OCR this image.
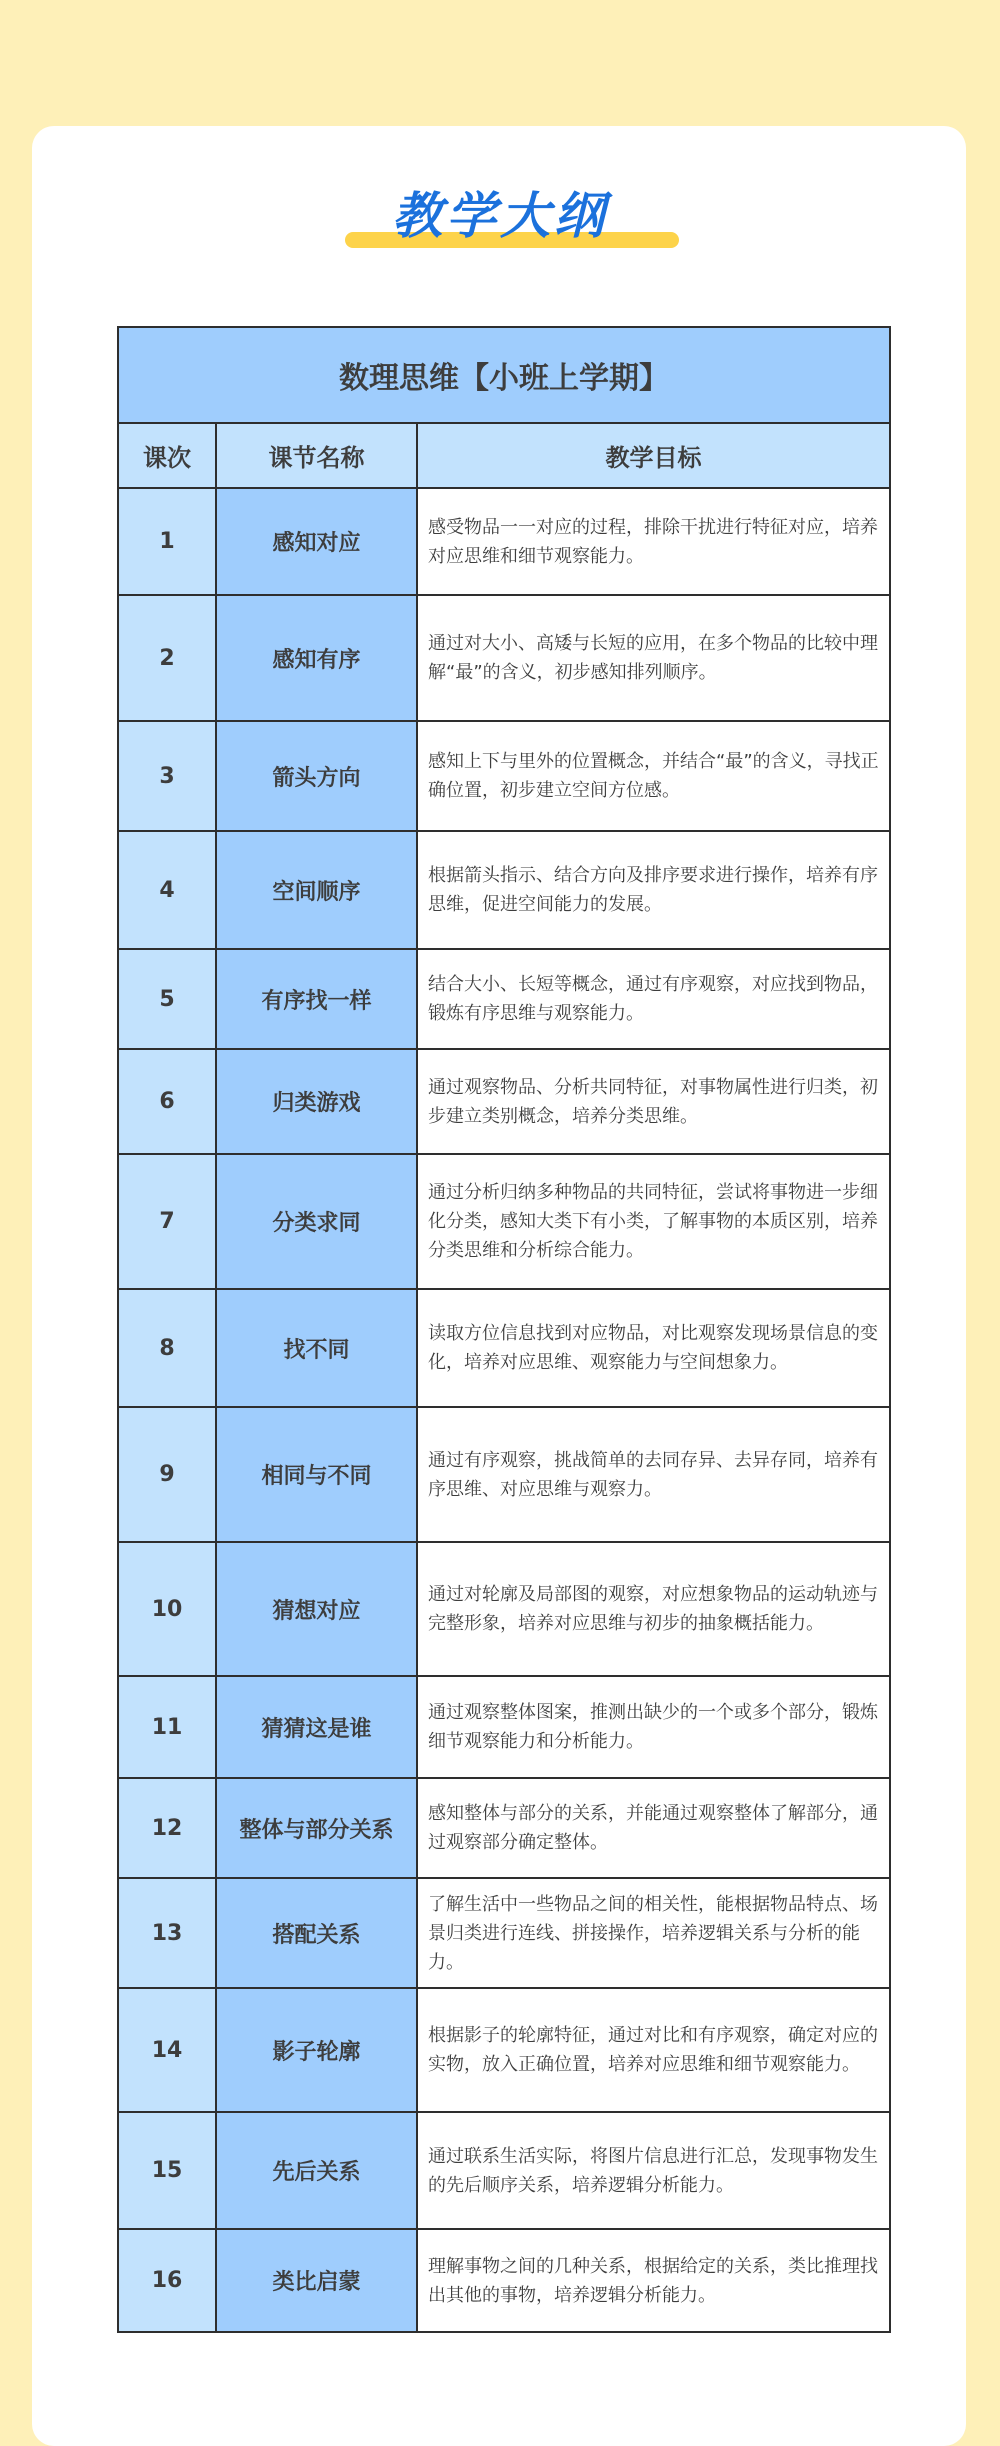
教学大纲
数理思维【小班上学期】		
课次	课节名称	教学目标
1	感知对应	感受物品一一对应的过程，排除干扰进行特征对应，培养对应思维和细节观察能力。
2	感知有序	通过对大小、高矮与长短的应用，在多个物品的比较中理解“最”的含义，初步感知排列顺序。
3	箭头方向	感知上下与里外的位置概念，并结合“最”的含义，寻找正确位置，初步建立空间方位感。
4	空间顺序	根据箭头指示、结合方向及排序要求进行操作，培养有序思维，促进空间能力的发展。
5	有序找一样	结合大小、长短等概念，通过有序观察，对应找到物品，锻炼有序思维与观察能力。
6	归类游戏	通过观察物品、分析共同特征，对事物属性进行归类，初步建立类别概念，培养分类思维。
7	分类求同	通过分析归纳多种物品的共同特征，尝试将事物进一步细化分类，感知大类下有小类，了解事物的本质区别，培养分类思维和分析综合能力。
8	找不同	读取方位信息找到对应物品，对比观察发现场景信息的变化，培养对应思维、观察能力与空间想象力。
9	相同与不同	通过有序观察，挑战简单的去同存异、去异存同，培养有序思维、对应思维与观察力。
10	猜想对应	通过对轮廓及局部图的观察，对应想象物品的运动轨迹与完整形象，培养对应思维与初步的抽象概括能力。
11	猜猜这是谁	通过观察整体图案，推测出缺少的一个或多个部分，锻炼细节观察能力和分析能力。
12	整体与部分关系	感知整体与部分的关系，并能通过观察整体了解部分，通过观察部分确定整体。
13	搭配关系	了解生活中一些物品之间的相关性，能根据物品特点、场景归类进行连线、拼接操作，培养逻辑关系与分析的能力。
14	影子轮廓	根据影子的轮廓特征，通过对比和有序观察，确定对应的实物，放入正确位置，培养对应思维和细节观察能力。
15	先后关系	通过联系生活实际，将图片信息进行汇总，发现事物发生的先后顺序关系，培养逻辑分析能力。
16	类比启蒙	理解事物之间的几种关系，根据给定的关系，类比推理找出其他的事物，培养逻辑分析能力。
